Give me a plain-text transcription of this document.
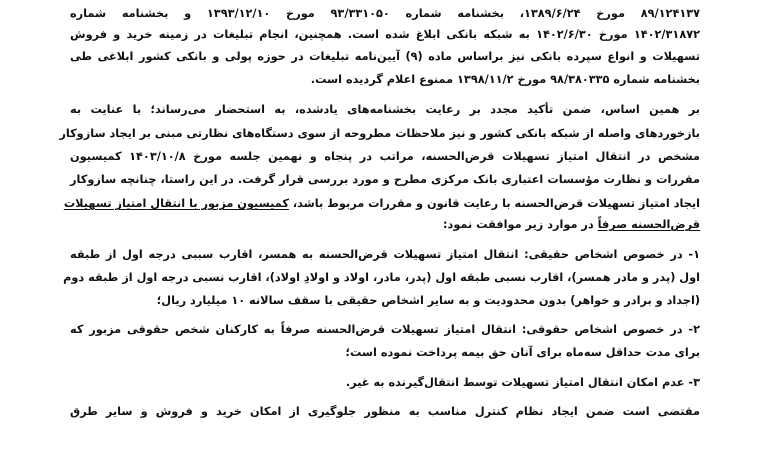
۸۹/۱۲۴۱۳۷ مورخ ۱۳۸۹/۶/۲۴، بخشنامه شماره ۹۳/۳۳۱۰۵۰ مورخ ۱۳۹۳/۱۲/۱۰ و بخشنامه شماره
۱۴۰۲/۳۱۸۷۲ مورخ ۱۴۰۲/۶/۳۰ به شبکه بانکی ابلاغ شده است. همچنین، انجام تبلیغات در زمینه خرید و فروش
تسهیلات و انواع سپرده بانکی نیز براساس ماده (۹) آیین‌نامه تبلیغات در حوزه پولی و بانکی کشور ابلاغی طی
بخشنامه شماره ۹۸/۳۸۰۳۳۵ مورخ ۱۳۹۸/۱۱/۲ ممنوع اعلام گردیده است.
بر همین اساس، ضمن تأکید مجدد بر رعایت بخشنامه‌های یادشده، به استحضار می‌رساند؛ با عنایت به
بازخوردهای واصله از شبکه بانکی کشور و نیز ملاحظات مطروحه از سوی دستگاه‌های نظارتی مبنی بر ایجاد سازوکار
مشخص در انتقال امتیاز تسهیلات قرض‌الحسنه، مراتب در پنجاه و نهمین جلسه مورخ ۱۴۰۳/۱۰/۸ کمیسیون
مقررات و نظارت مؤسسات اعتباری بانک مرکزی مطرح و مورد بررسی قرار گرفت. در این راستا، چنانچه سازوکار
ایجاد امتیاز تسهیلات قرض‌الحسنه با رعایت قانون و مقررات مربوط باشد، کمیسیون مزبور با انتقال امتیاز تسهیلات
قرض‌الحسنه صرفاً در موارد زیر موافقت نمود:
۱- در خصوص اشخاص حقیقی: انتقال امتیاز تسهیلات قرض‌الحسنه به همسر، اقارب سببی درجه اول از طبقه
اول (پدر و مادر همسر)، اقارب نسبی طبقه اول (پدر، مادر، اولاد و اولادِ اولاد)، اقارب نسبی درجه اول از طبقه دوم
(اجداد و برادر و خواهر) بدون محدودیت و به سایر اشخاص حقیقی با سقف سالانه ۱۰ میلیارد ریال؛
۲- در خصوص اشخاص حقوقی: انتقال امتیاز تسهیلات قرض‌الحسنه صرفاً به کارکنان شخص حقوقی مزبور که
برای مدت حداقل سه‌ماه برای آنان حق بیمه پرداخت نموده است؛
۳- عدم امکان انتقال امتیاز تسهیلات توسط انتقال‌گیرنده به غیر.
مقتضی است ضمن ایجاد نظام کنترل مناسب به منظور جلوگیری از امکان خرید و فروش و سایر طرق
